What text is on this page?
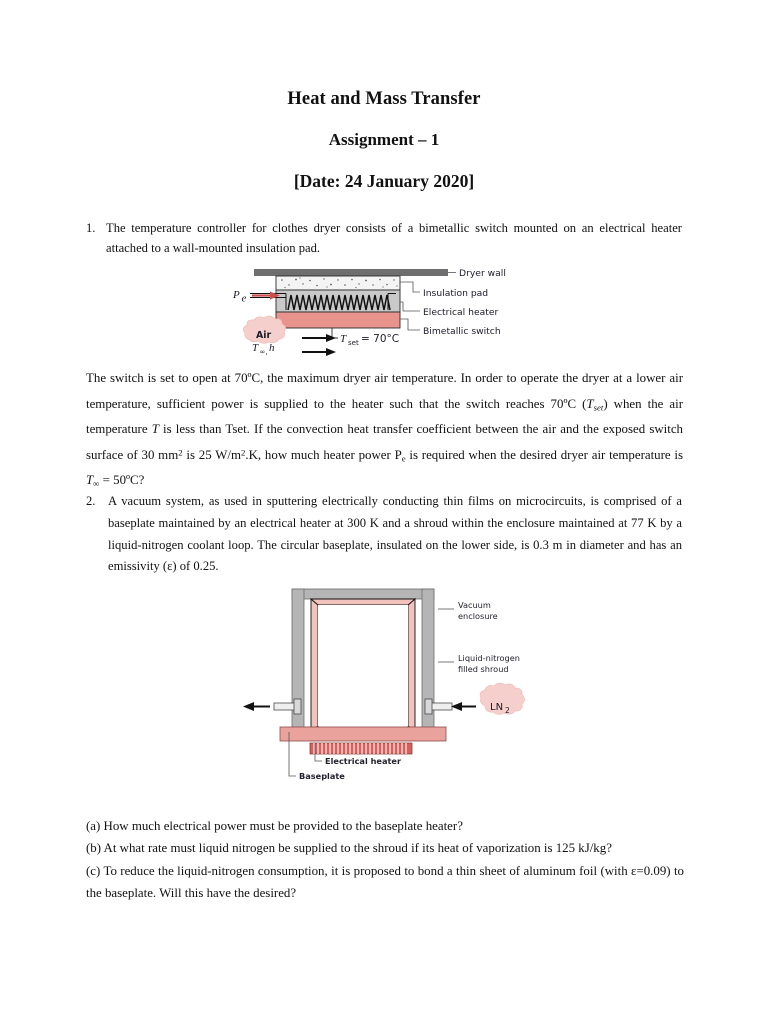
Heat and Mass Transfer
Assignment – 1
[Date: 24 January 2020]
1. The temperature controller for clothes dryer consists of a bimetallic switch mounted on an electrical heater attached to a wall-mounted insulation pad.
P e
T set = 70°C
Air
T ∞, h
Dryer wall
Insulation pad
Electrical heater
Bimetallic switch
The switch is set to open at 70ºC, the maximum dryer air temperature. In order to operate the dryer at a lower air temperature, sufficient power is supplied to the heater such that the switch reaches 70ºC $(T_{set})$ when the air temperature T is less than Tset. If the convection heat transfer coefficient between the air and the exposed switch surface of 30 $mm^2$ is 25 $W/m^2.K$, how much heater power $P_e$ is required when the desired dryer air temperature is $T_\infty$ = 50ºC?
2. A vacuum system, as used in sputtering electrically conducting thin films on microcircuits, is comprised of a baseplate maintained by an electrical heater at 300 K and a shroud within the enclosure maintained at 77 K by a liquid-nitrogen coolant loop. The circular baseplate, insulated on the lower side, is 0.3 m in diameter and has an emissivity (ε) of 0.25.
LN 2
Vacuum
enclosure
Liquid-nitrogen
filled shroud
Electrical heater
Baseplate

(a) How much electrical power must be provided to the baseplate heater?

(b) At what rate must liquid nitrogen be supplied to the shroud if its heat of vaporization is 125 kJ/kg?

(c) To reduce the liquid-nitrogen consumption, it is proposed to bond a thin sheet of aluminum foil (with ε=0.09) to the baseplate. Will this have the desired?
